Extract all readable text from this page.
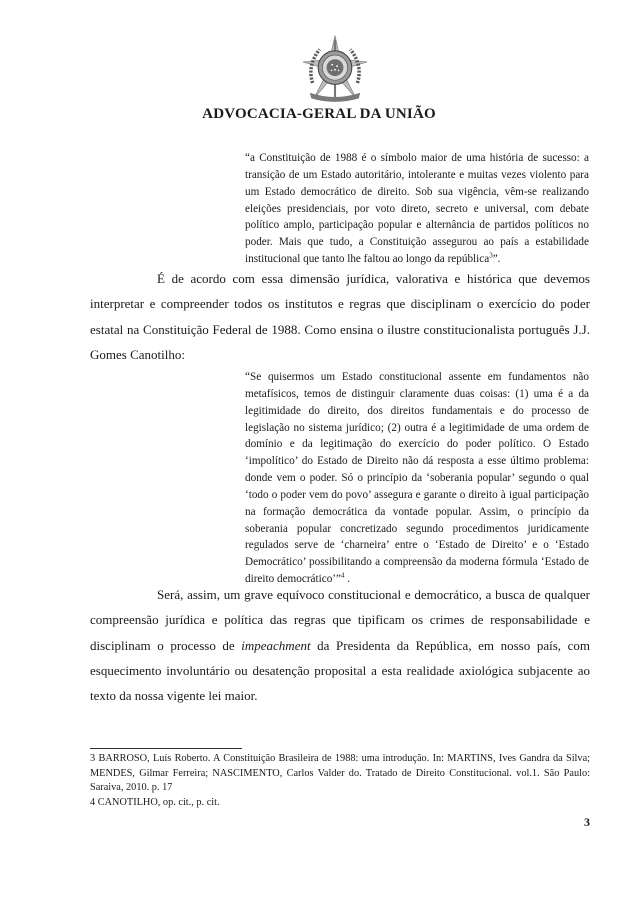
ADVOCACIA-GERAL DA UNIÃO

“a Constituição de 1988 é o símbolo maior de uma história de sucesso: a transição de um Estado autoritário, intolerante e muitas vezes violento para um Estado democrático de direito. Sob sua vigência, vêm-se realizando eleições presidenciais, por voto direto, secreto e universal, com debate político amplo, participação popular e alternância de partidos políticos no poder. Mais que tudo, a Constituição assegurou ao país a estabilidade institucional que tanto lhe faltou ao longo da república$^3$”.

É de acordo com essa dimensão jurídica, valorativa e histórica que devemos interpretar e compreender todos os institutos e regras que disciplinam o exercício do poder estatal na Constituição Federal de 1988. Como ensina o ilustre constitucionalista português J.J. Gomes Canotilho:

“Se quisermos um Estado constitucional assente em fundamentos não metafísicos, temos de distinguir claramente duas coisas: (1) uma é a da legitimidade do direito, dos direitos fundamentais e do processo de legislação no sistema jurídico; (2) outra é a legitimidade de uma ordem de domínio e da legitimação do exercício do poder político. O Estado ‘impolítico’ do Estado de Direito não dá resposta a esse último problema: donde vem o poder. Só o princípio da ‘soberania popular’ segundo o qual ‘todo o poder vem do povo’ assegura e garante o direito à igual participação na formação democrática da vontade popular. Assim, o princípio da soberania popular concretizado segundo procedimentos juridicamente regulados serve de ‘charneira’ entre o ‘Estado de Direito’ e o ‘Estado Democrático’ possibilitando a compreensão da moderna fórmula ‘Estado de direito democrático’”$^4$ .

Será, assim, um grave equívoco constitucional e democrático, a busca de qualquer compreensão jurídica e política das regras que tipificam os crimes de responsabilidade e disciplinam o processo de impeachment da Presidenta da República, em nosso país, com esquecimento involuntário ou desatenção proposital a esta realidade axiológica subjacente ao texto da nossa vigente lei maior.

3 BARROSO, Luís Roberto. A Constituição Brasileira de 1988: uma introdução. In: MARTINS, Ives Gandra da Silva; MENDES, Gilmar Ferreira; NASCIMENTO, Carlos Valder do. Tratado de Direito Constitucional. vol.1. São Paulo: Saraiva, 2010. p. 17

4 CANOTILHO, op. cit., p. cit.

3
